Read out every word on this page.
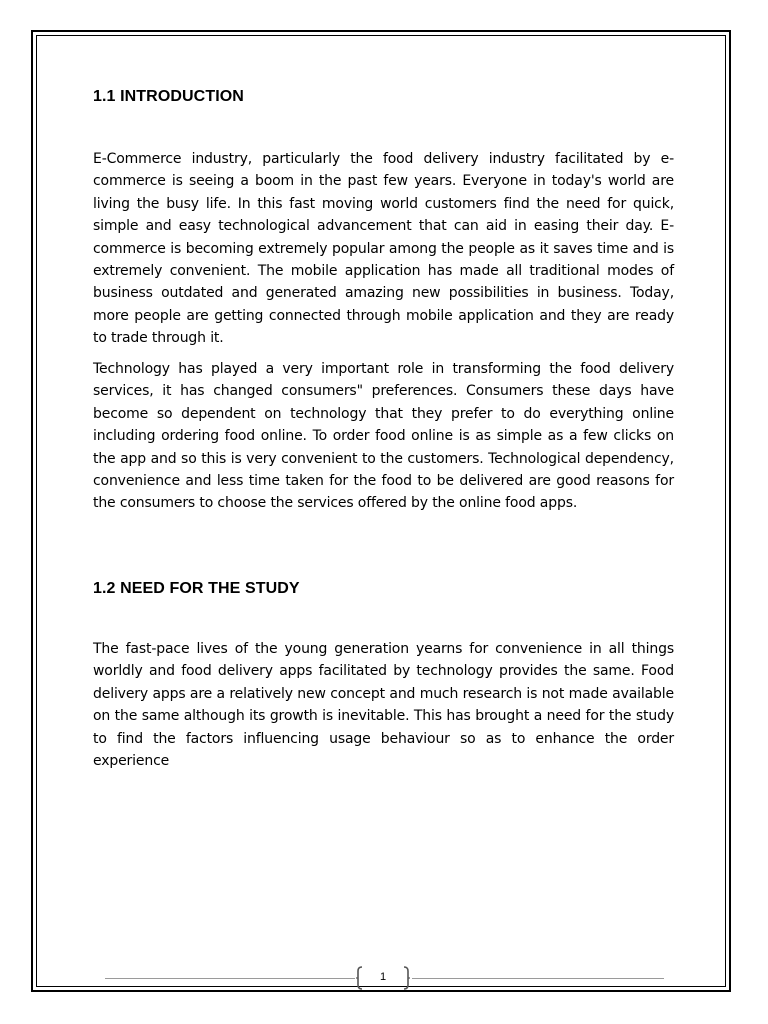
1.1 INTRODUCTION

E-Commerce industry, particularly the food delivery industry facilitated by e-commerce is seeing a boom in the past few years. Everyone in today's world are living the busy life. In this fast moving world customers find the need for quick, simple and easy technological advancement that can aid in easing their day. E-commerce is becoming extremely popular among the people as it saves time and is extremely convenient. The mobile application has made all traditional modes of business outdated and generated amazing new possibilities in business. Today, more people are getting connected through mobile application and they are ready to trade through it.

Technology has played a very important role in transforming the food delivery services, it has changed consumers" preferences. Consumers these days have become so dependent on technology that they prefer to do everything online including ordering food online. To order food online is as simple as a few clicks on the app and so this is very convenient to the customers. Technological dependency, convenience and less time taken for the food to be delivered are good reasons for the consumers to choose the services offered by the online food apps.

1.2 NEED FOR THE STUDY

The fast-pace lives of the young generation yearns for convenience in all things worldly and food delivery apps facilitated by technology provides the same. Food delivery apps are a relatively new concept and much research is not made available on the same although its growth is inevitable. This has brought a need for the study to find the factors influencing usage behaviour so as to enhance the order experience

1
